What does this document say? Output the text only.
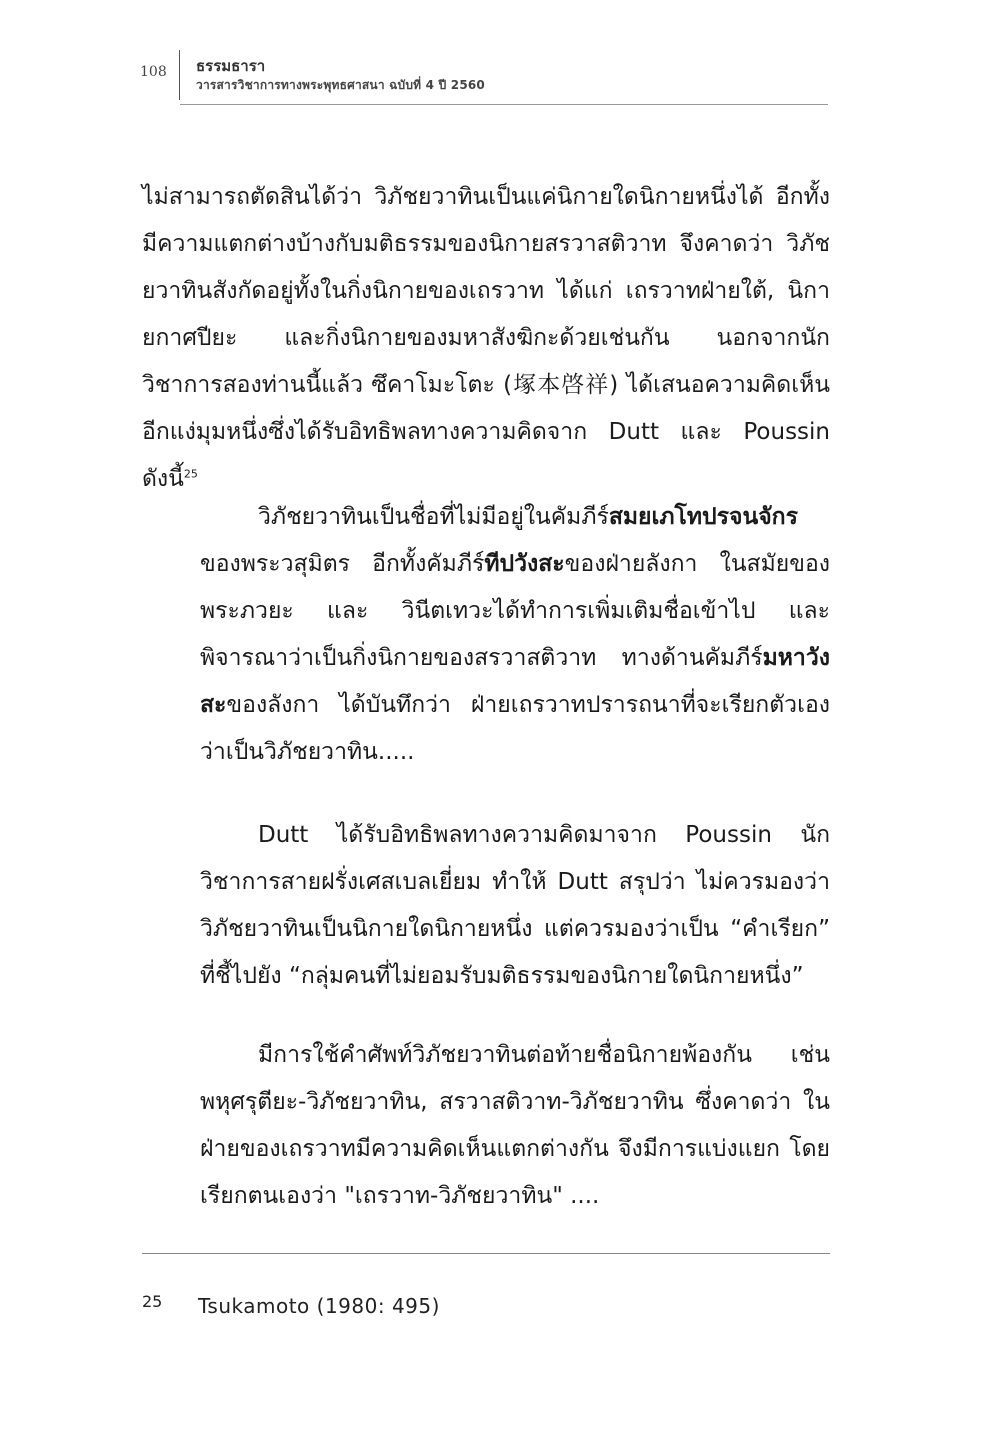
108 ธรรมธารา
วารสารวิชาการทางพระพุทธศาสนา ฉบับที่ 4 ปี 2560

ไม่สามารถตัดสินได้ว่า วิภัชยวาทินเป็นแค่นิกายใดนิกายหนึ่งได้ อีกทั้งมีความแตกต่างบ้างกับมติธรรมของนิกายสรวาสติวาท จึงคาดว่า วิภัชยวาทินสังกัดอยู่ทั้งในกิ่งนิกายของเถรวาท ได้แก่ เถรวาทฝ่ายใต้, นิกายกาศปียะ และกิ่งนิกายของมหาสังฆิกะด้วยเช่นกัน นอกจากนักวิชาการสองท่านนี้แล้ว ซึคาโมะโตะ (塚本啓祥) ได้เสนอความคิดเห็นอีกแง่มุมหนึ่งซึ่งได้รับอิทธิพลทางความคิดจาก Dutt และ Poussin ดังนี้$^{25}$

วิภัชยวาทินเป็นชื่อที่ไม่มีอยู่ในคัมภีร์สมยเภโทปรจนจักรของพระวสุมิตร อีกทั้งคัมภีร์ทีปวังสะของฝ่ายลังกา ในสมัยของพระภวยะ และ วินีตเทวะได้ทำการเพิ่มเติมชื่อเข้าไป และพิจารณาว่าเป็นกิ่งนิกายของสรวาสติวาท ทางด้านคัมภีร์มหาวังสะของลังกา ได้บันทึกว่า ฝ่ายเถรวาทปรารถนาที่จะเรียกตัวเองว่าเป็นวิภัชยวาทิน.....

Dutt ได้รับอิทธิพลทางความคิดมาจาก Poussin นักวิชาการสายฝรั่งเศสเบลเยี่ยม ทำให้ Dutt สรุปว่า ไม่ควรมองว่า วิภัชยวาทินเป็นนิกายใดนิกายหนึ่ง แต่ควรมองว่าเป็น “คำเรียก” ที่ชี้ไปยัง “กลุ่มคนที่ไม่ยอมรับมติธรรมของนิกายใดนิกายหนึ่ง”

มีการใช้คำศัพท์วิภัชยวาทินต่อท้ายชื่อนิกายพ้องกัน เช่น พหุศรุตียะ-วิภัชยวาทิน, สรวาสติวาท-วิภัชยวาทิน ซึ่งคาดว่า ในฝ่ายของเถรวาทมีความคิดเห็นแตกต่างกัน จึงมีการแบ่งแยก โดยเรียกตนเองว่า "เถรวาท-วิภัชยวาทิน" ....

25 Tsukamoto (1980: 495)
